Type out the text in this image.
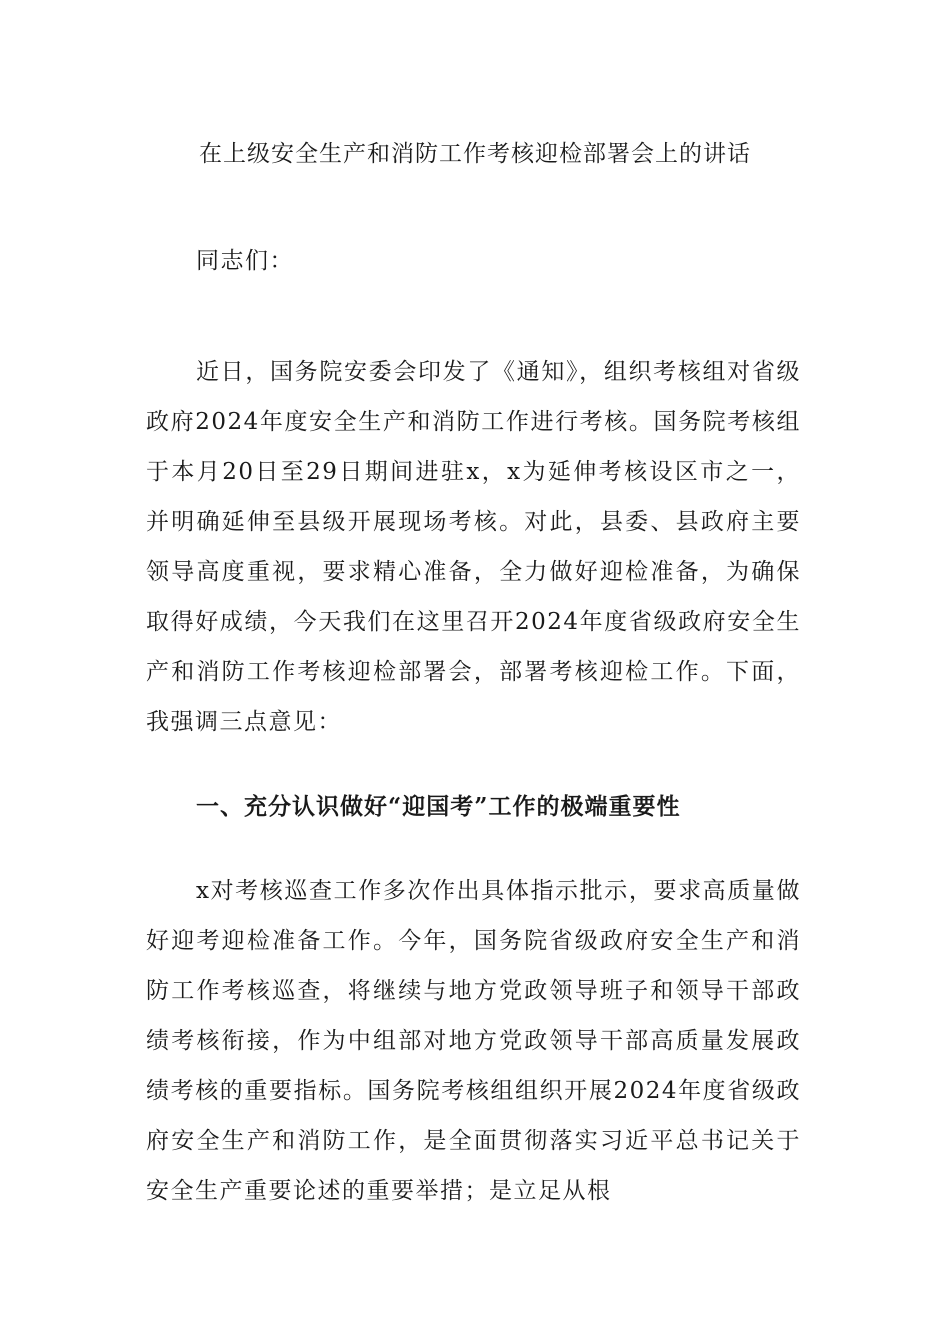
在上级安全生产和消防工作考核迎检部署会上的讲话
同志们：
近日，国务院安委会印发了《通知》，组织考核组对省级政府2024年度安全生产和消防工作进行考核。国务院考核组于本月20日至29日期间进驻x，x为延伸考核设区市之一，并明确延伸至县级开展现场考核。对此，县委、县政府主要领导高度重视，要求精心准备，全力做好迎检准备，为确保取得好成绩，今天我们在这里召开2024年度省级政府安全生产和消防工作考核迎检部署会，部署考核迎检工作。下面，我强调三点意见：
一、充分认识做好“迎国考”工作的极端重要性
x对考核巡查工作多次作出具体指示批示，要求高质量做好迎考迎检准备工作。今年，国务院省级政府安全生产和消防工作考核巡查，将继续与地方党政领导班子和领导干部政绩考核衔接，作为中组部对地方党政领导干部高质量发展政绩考核的重要指标。国务院考核组组织开展2024年度省级政府安全生产和消防工作，是全面贯彻落实习近平总书记关于安全生产重要论述的重要举措；是立足从根
